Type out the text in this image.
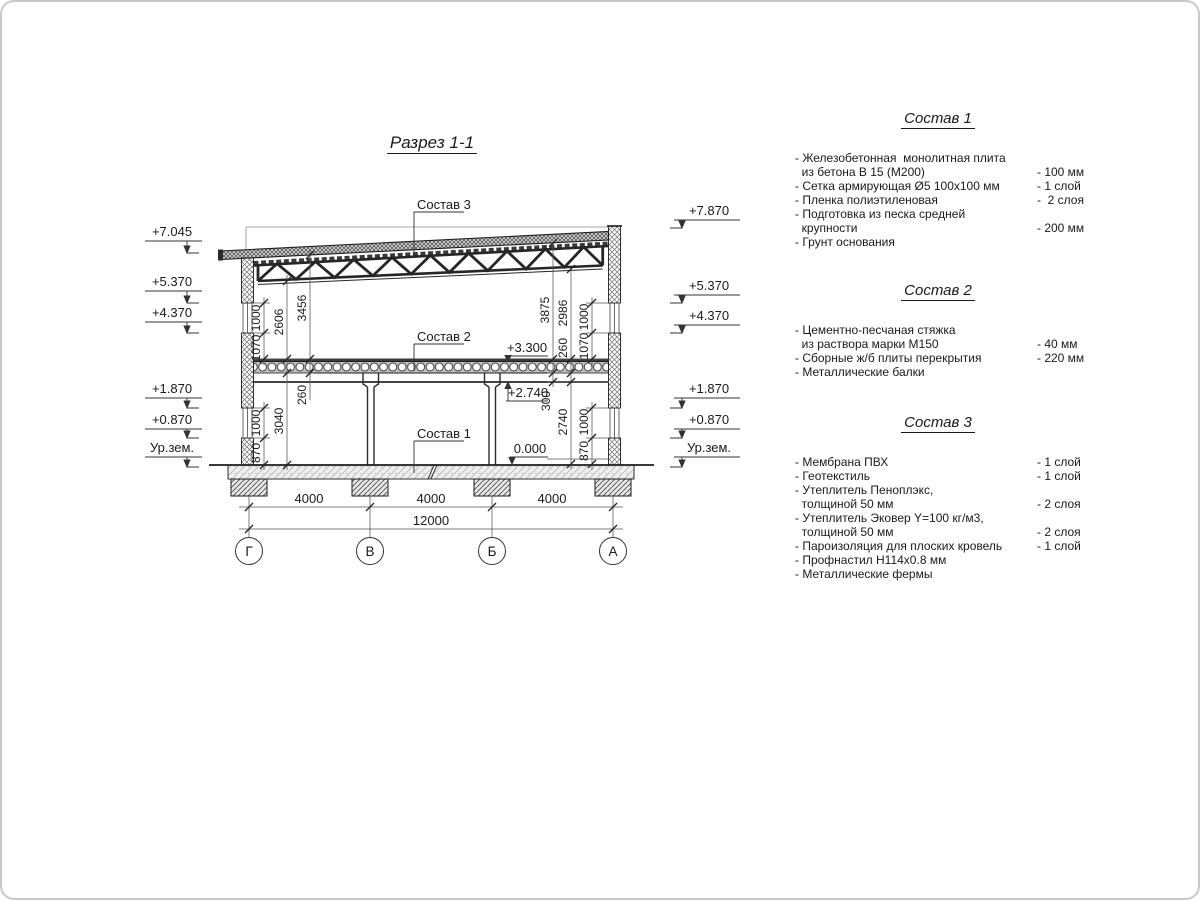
Разрез 1-1
1000
1070
2606
3456
260
1000
870
3040
3875 2986
260
1000
1070
300
2740 1000
870
4000	4000	4000
12000
Г	В	Б	А
+7.045
+5.370
+4.370
+1.870
+0.870
Ур.зем.
+7.870
+5.370
+4.370
+1.870
+0.870
Ур.зем.
+3.300
+2.740
0.000
Состав 3
Состав 2
Состав 1
Состав 1
- Железобетонная  монолитная плита
из бетона В 15 (М200)	- 100 мм
- Сетка армирующая Ø5 100х100 мм	- 1 слой
- Пленка полиэтиленовая	-  2 слоя
- Подготовка из песка средней
крупности	- 200 мм
- Грунт основания
Состав 2
- Цементно-песчаная стяжка
из раствора марки М150	- 40 мм
- Сборные ж/б плиты перекрытия	- 220 мм
- Металлические балки
Состав 3
- Мембрана ПВХ	- 1 слой
- Геотекстиль	- 1 слой
- Утеплитель Пеноплэкс,
толщиной 50 мм	- 2 слоя
- Утеплитель Эковер Y=100 кг/м3,
толщиной 50 мм	- 2 слоя
- Пароизоляция для плоских кровель	- 1 слой
- Профнастил Н114х0.8 мм
- Металлические фермы
